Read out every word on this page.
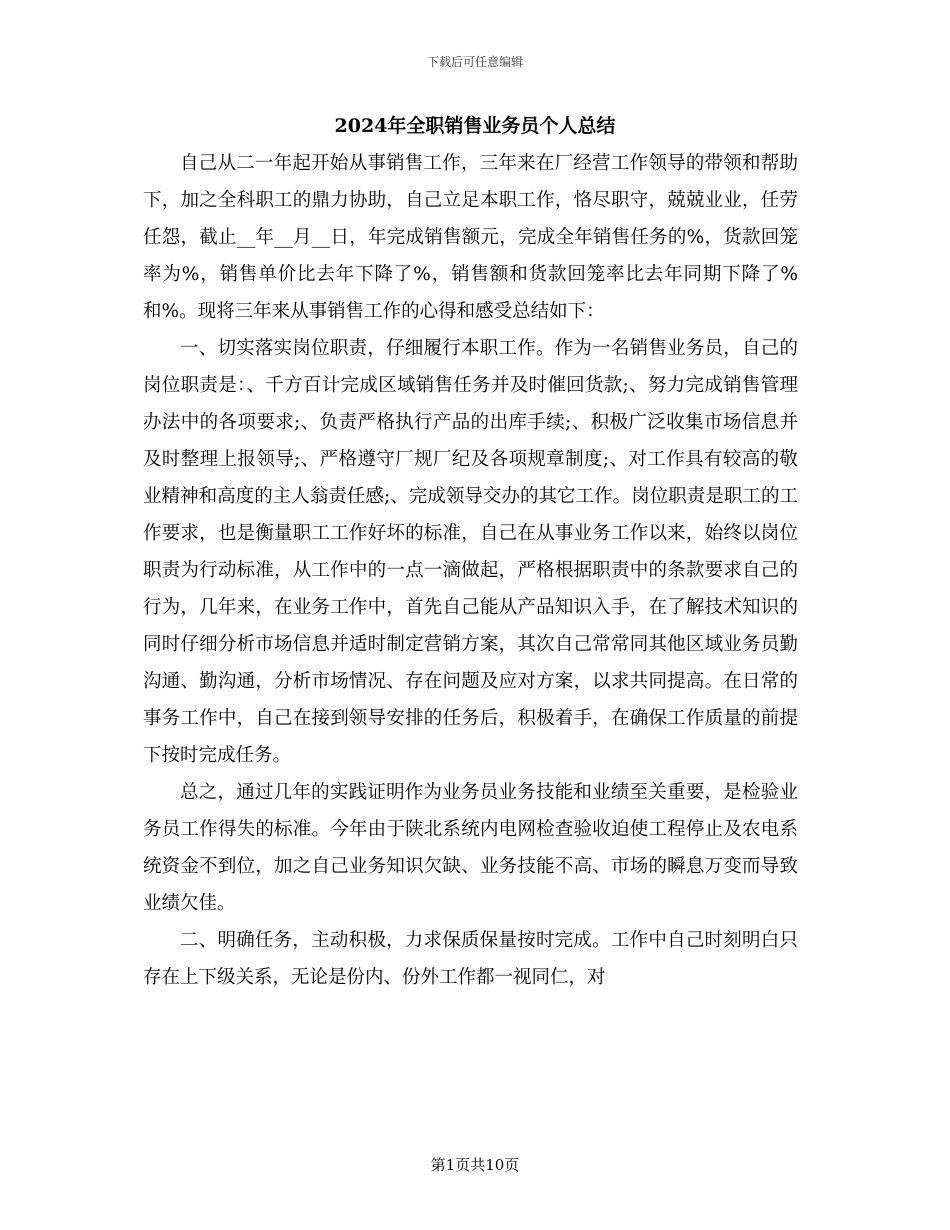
下载后可任意编辑
2024年全职销售业务员个人总结

自己从二一年起开始从事销售工作，三年来在厂经营工作领导的带领和帮助下，加之全科职工的鼎力协助，自己立足本职工作，恪尽职守，兢兢业业，任劳任怨，截止__年__月__日，年完成销售额元，完成全年销售任务的%，货款回笼率为%，销售单价比去年下降了%，销售额和货款回笼率比去年同期下降了%和%。现将三年来从事销售工作的心得和感受总结如下：

一、切实落实岗位职责，仔细履行本职工作。作为一名销售业务员，自己的岗位职责是：、千方百计完成区域销售任务并及时催回货款;、努力完成销售管理办法中的各项要求;、负责严格执行产品的出库手续;、积极广泛收集市场信息并及时整理上报领导;、严格遵守厂规厂纪及各项规章制度;、对工作具有较高的敬业精神和高度的主人翁责任感;、完成领导交办的其它工作。岗位职责是职工的工作要求，也是衡量职工工作好坏的标准，自己在从事业务工作以来，始终以岗位职责为行动标准，从工作中的一点一滴做起，严格根据职责中的条款要求自己的行为，几年来，在业务工作中，首先自己能从产品知识入手，在了解技术知识的同时仔细分析市场信息并适时制定营销方案，其次自己常常同其他区域业务员勤沟通、勤沟通，分析市场情况、存在问题及应对方案，以求共同提高。在日常的事务工作中，自己在接到领导安排的任务后，积极着手，在确保工作质量的前提下按时完成任务。

总之，通过几年的实践证明作为业务员业务技能和业绩至关重要，是检验业务员工作得失的标准。今年由于陕北系统内电网检查验收迫使工程停止及农电系统资金不到位，加之自己业务知识欠缺、业务技能不高、市场的瞬息万变而导致业绩欠佳。

二、明确任务，主动积极，力求保质保量按时完成。工作中自己时刻明白只存在上下级关系，无论是份内、份外工作都一视同仁，对

第1页共10页
